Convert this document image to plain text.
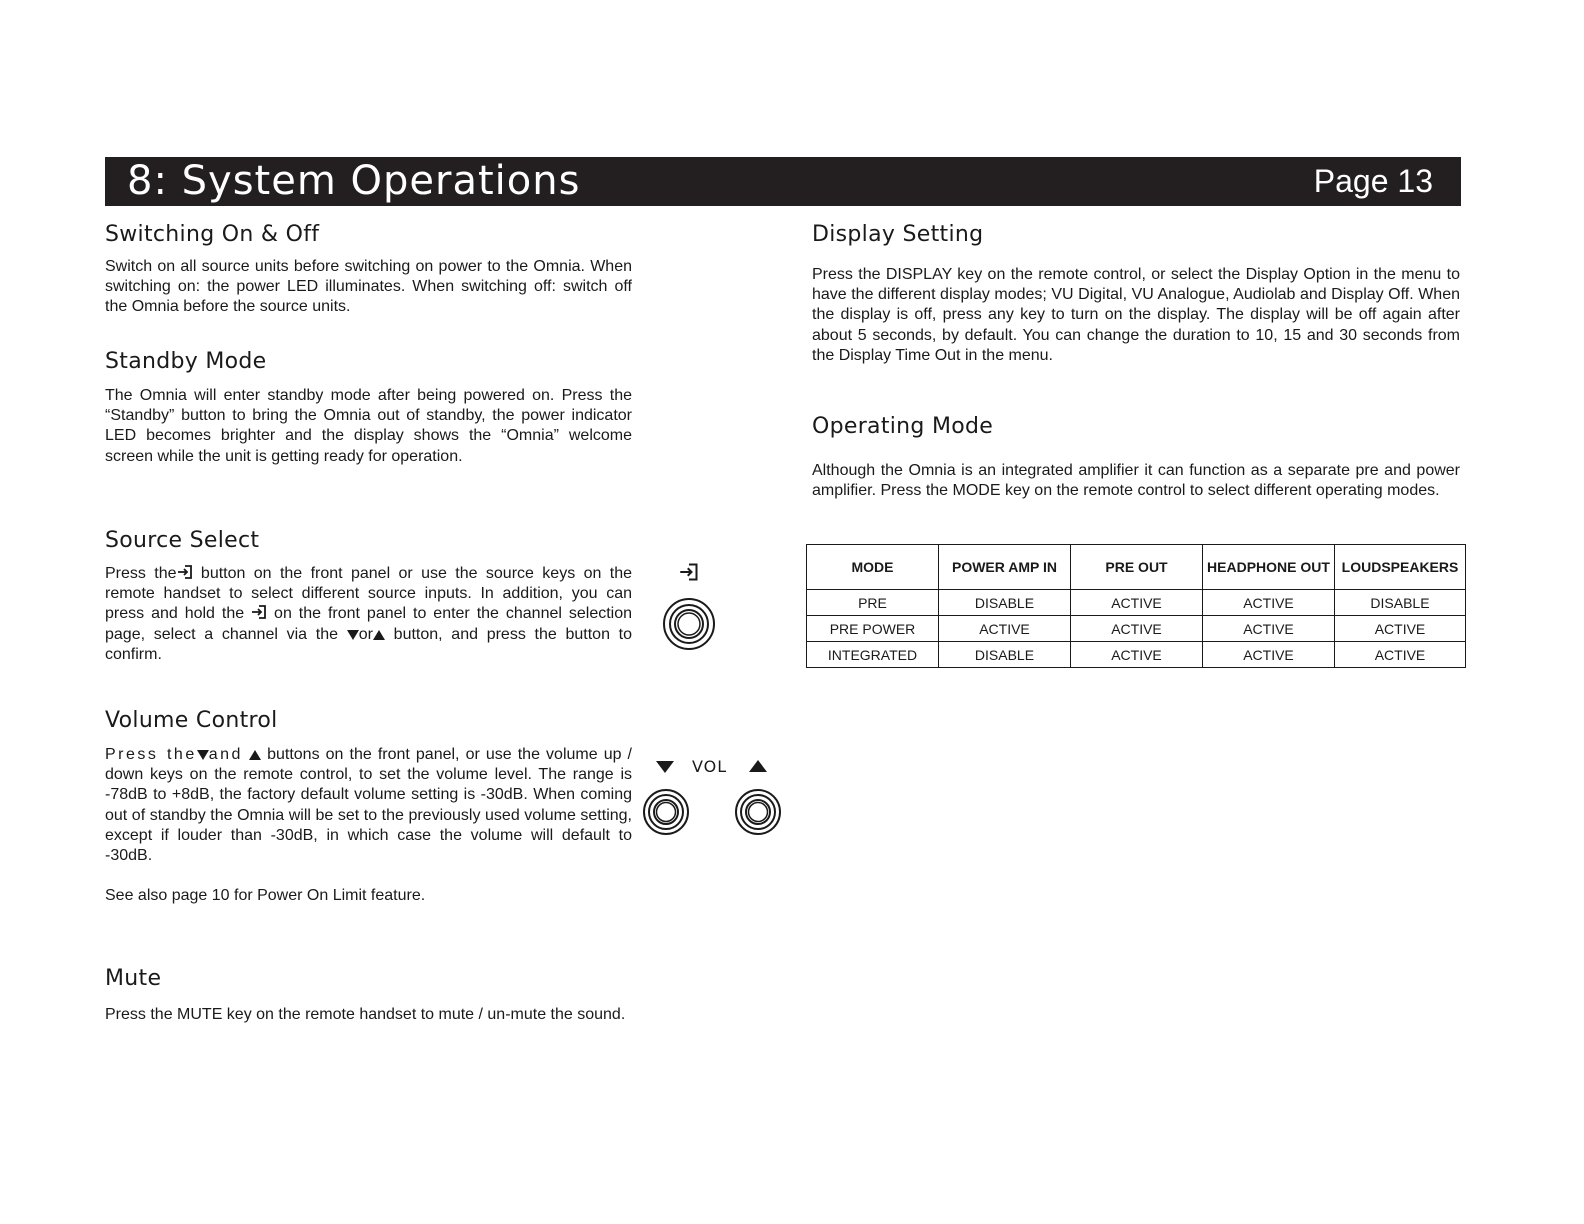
8: System Operations	Page 13
Switching On & Off

Switch on all source units before switching on power to the Omnia. When switching on: the power LED illuminates. When switching off: switch off the Omnia before the source units.

Standby Mode

The Omnia will enter standby mode after being powered on. Press the “Standby” button to bring the Omnia out of standby, the power indicator LED becomes brighter and the display shows the “Omnia” welcome screen while the unit is getting ready for operation.

Source Select

Press the button on the front panel or use the source keys on the remote handset to select different source inputs. In addition, you can press and hold the on the front panel to enter the channel selection page, select a channel via the or button, and press the button to confirm.

Volume Control

Press the and buttons on the front panel, or use the volume up / down keys on the remote control, to set the volume level. The range is -78dB to +8dB, the factory default volume setting is -30dB. When coming out of standby the Omnia will be set to the previously used volume setting, except if louder than -30dB, in which case the volume will default to -30dB.

See also page 10 for Power On Limit feature.

VOL
Mute

Press the MUTE key on the remote handset to mute / un-mute the sound.

Display Setting

Press the DISPLAY key on the remote control, or select the Display Option in the menu to have the different display modes; VU Digital, VU Analogue, Audiolab and Display Off. When the display is off, press any key to turn on the display. The display will be off again after about 5 seconds, by default. You can change the duration to 10, 15 and 30 seconds from the Display Time Out in the menu.

Operating Mode

Although the Omnia is an integrated amplifier it can function as a separate pre and power amplifier. Press the MODE key on the remote control to select different operating modes.

MODE	POWER AMP IN	PRE OUT	HEADPHONE OUT	LOUDSPEAKERS
PRE	DISABLE	ACTIVE	ACTIVE	DISABLE
PRE POWER	ACTIVE	ACTIVE	ACTIVE	ACTIVE
INTEGRATED	DISABLE	ACTIVE	ACTIVE	ACTIVE
